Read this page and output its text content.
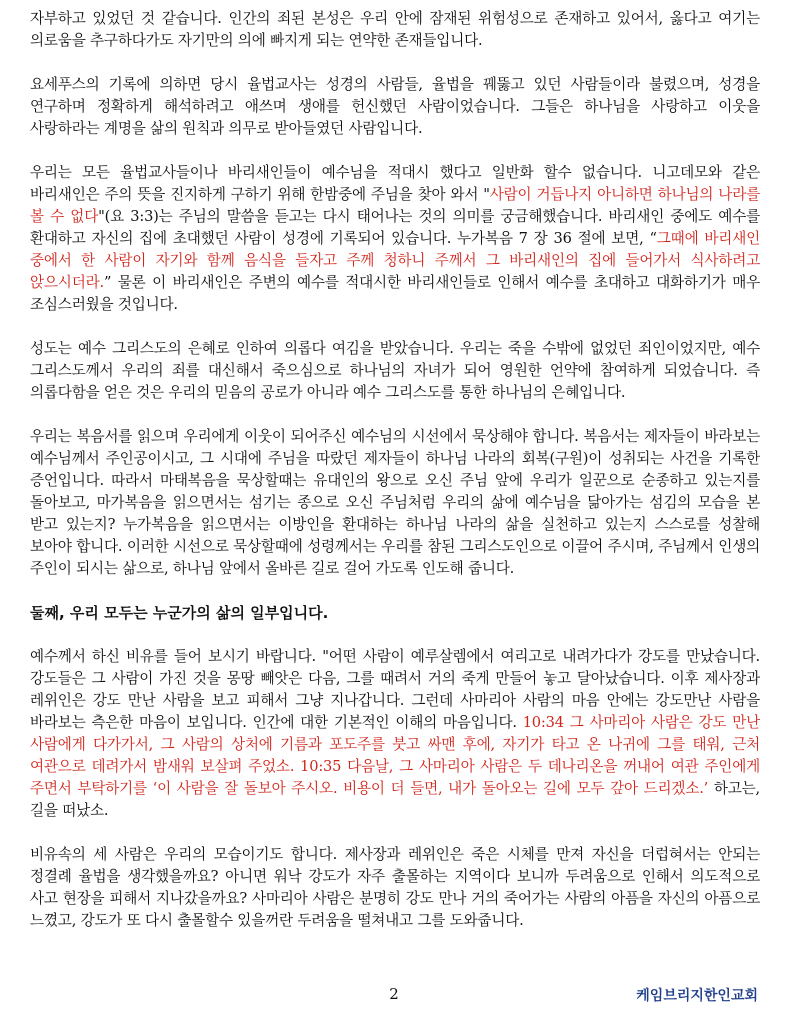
자부하고 있었던 것 같습니다. 인간의 죄된 본성은 우리 안에 잠재된 위험성으로 존재하고 있어서, 옳다고 여기는 의로움을 추구하다가도 자기만의 의에 빠지게 되는 연약한 존재들입니다.

요세푸스의 기록에 의하면 당시 율법교사는 성경의 사람들, 율법을 꿰뚫고 있던 사람들이라 불렸으며, 성경을 연구하며 정확하게 해석하려고 애쓰며 생애를 헌신했던 사람이었습니다. 그들은 하나님을 사랑하고 이웃을 사랑하라는 계명을 삶의 원칙과 의무로 받아들였던 사람입니다.

우리는 모든 율법교사들이나 바리새인들이 예수님을 적대시 했다고 일반화 할수 없습니다. 니고데모와 같은 바리새인은 주의 뜻을 진지하게 구하기 위해 한밤중에 주님을 찾아 와서 "사람이 거듭나지 아니하면 하나님의 나라를 볼 수 없다"(요 3:3)는 주님의 말씀을 듣고는 다시 태어나는 것의 의미를 궁금해했습니다. 바리새인 중에도 예수를 환대하고 자신의 집에 초대했던 사람이 성경에 기록되어 있습니다. 누가복음 7 장 36 절에 보면, “그때에 바리새인 중에서 한 사람이 자기와 함께 음식을 들자고 주께 청하니 주께서 그 바리새인의 집에 들어가서 식사하려고 앉으시더라.” 물론 이 바리새인은 주변의 예수를 적대시한 바리새인들로 인해서 예수를 초대하고 대화하기가 매우 조심스러웠을 것입니다.

성도는 예수 그리스도의 은혜로 인하여 의롭다 여김을 받았습니다. 우리는 죽을 수밖에 없었던 죄인이었지만, 예수 그리스도께서 우리의 죄를 대신해서 죽으심으로 하나님의 자녀가 되어 영원한 언약에 참여하게 되었습니다. 즉 의롭다함을 얻은 것은 우리의 믿음의 공로가 아니라 예수 그리스도를 통한 하나님의 은혜입니다.

우리는 복음서를 읽으며 우리에게 이웃이 되어주신 예수님의 시선에서 묵상해야 합니다. 복음서는 제자들이 바라보는 예수님께서 주인공이시고, 그 시대에 주님을 따랐던 제자들이 하나님 나라의 회복(구원)이 성취되는 사건을 기록한 증언입니다. 따라서 마태복음을 묵상할때는 유대인의 왕으로 오신 주님 앞에 우리가 일꾼으로 순종하고 있는지를 돌아보고, 마가복음을 읽으면서는 섬기는 종으로 오신 주님처럼 우리의 삶에 예수님을 닮아가는 섬김의 모습을 본 받고 있는지? 누가복음을 읽으면서는 이방인을 환대하는 하나님 나라의 삶을 실천하고 있는지 스스로를 성찰해 보아야 합니다. 이러한 시선으로 묵상할때에 성령께서는 우리를 참된 그리스도인으로 이끌어 주시며, 주님께서 인생의 주인이 되시는 삶으로, 하나님 앞에서 올바른 길로 걸어 가도록 인도해 줍니다.

둘째, 우리 모두는 누군가의 삶의 일부입니다.

예수께서 하신 비유를 들어 보시기 바랍니다. "어떤 사람이 예루살렘에서 여리고로 내려가다가 강도를 만났습니다. 강도들은 그 사람이 가진 것을 몽땅 빼앗은 다음, 그를 때려서 거의 죽게 만들어 놓고 달아났습니다. 이후 제사장과 레위인은 강도 만난 사람을 보고 피해서 그냥 지나갑니다. 그런데 사마리아 사람의 마음 안에는 강도만난 사람을 바라보는 측은한 마음이 보입니다. 인간에 대한 기본적인 이해의 마음입니다. 10:34 그 사마리아 사람은 강도 만난 사람에게 다가가서, 그 사람의 상처에 기름과 포도주를 붓고 싸맨 후에, 자기가 타고 온 나귀에 그를 태워, 근처 여관으로 데려가서 밤새워 보살펴 주었소. 10:35 다음날, 그 사마리아 사람은 두 데나리온을 꺼내어 여관 주인에게 주면서 부탁하기를 ‘이 사람을 잘 돌보아 주시오. 비용이 더 들면, 내가 돌아오는 길에 모두 갚아 드리겠소.’ 하고는, 길을 떠났소.

비유속의 세 사람은 우리의 모습이기도 합니다. 제사장과 레위인은 죽은 시체를 만져 자신을 더럽혀서는 안되는 정결례 율법을 생각했을까요? 아니면 워낙 강도가 자주 출몰하는 지역이다 보니까 두려움으로 인해서 의도적으로 사고 현장을 피해서 지나갔을까요? 사마리아 사람은 분명히 강도 만나 거의 죽어가는 사람의 아픔을 자신의 아픔으로 느꼈고, 강도가 또 다시 출몰할수 있을꺼란 두려움을 떨쳐내고 그를 도와줍니다.

2	케임브리지한인교회
